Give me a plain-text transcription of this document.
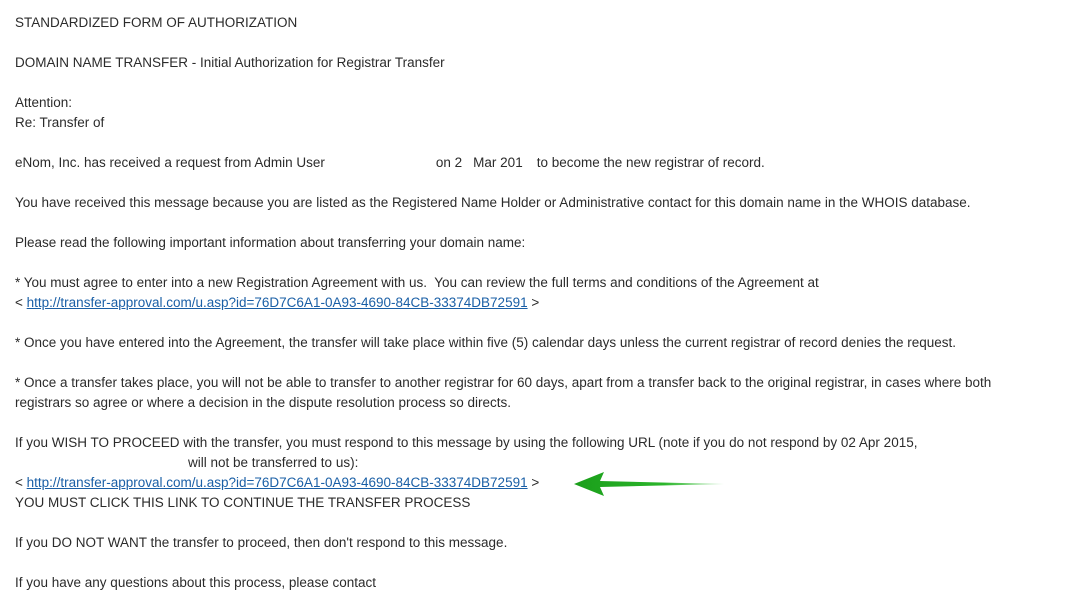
STANDARDIZED FORM OF AUTHORIZATION
DOMAIN NAME TRANSFER - Initial Authorization for Registrar Transfer
Attention:
Re: Transfer of
eNom, Inc. has received a request from Admin User	on 2 Mar 201 to become the new registrar of record.
You have received this message because you are listed as the Registered Name Holder or Administrative contact for this domain name in the WHOIS database.
Please read the following important information about transferring your domain name:
* You must agree to enter into a new Registration Agreement with us.  You can review the full terms and conditions of the Agreement at
< http://transfer-approval.com/u.asp?id=76D7C6A1-0A93-4690-84CB-33374DB72591 >
* Once you have entered into the Agreement, the transfer will take place within five (5) calendar days unless the current registrar of record denies the request.
* Once a transfer takes place, you will not be able to transfer to another registrar for 60 days, apart from a transfer back to the original registrar, in cases where both
registrars so agree or where a decision in the dispute resolution process so directs.
If you WISH TO PROCEED with the transfer, you must respond to this message by using the following URL (note if you do not respond by 02 Apr 2015,
will not be transferred to us):
< http://transfer-approval.com/u.asp?id=76D7C6A1-0A93-4690-84CB-33374DB72591 >
YOU MUST CLICK THIS LINK TO CONTINUE THE TRANSFER PROCESS
If you DO NOT WANT the transfer to proceed, then don't respond to this message.
If you have any questions about this process, please contact
